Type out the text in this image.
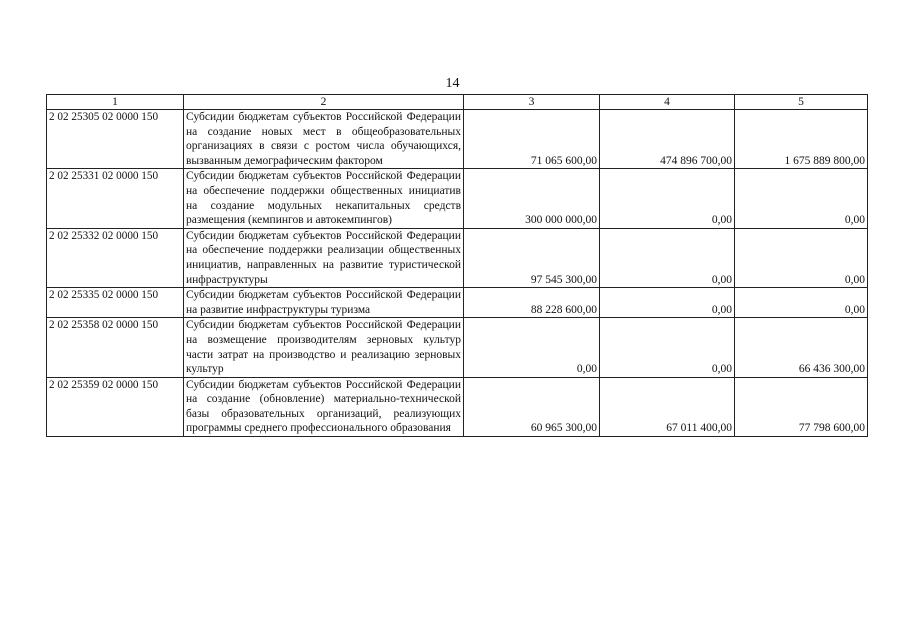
14
1	2	3	4	5
2 02 25305 02 0000 150	Субсидии бюджетам субъектов Российской Федерации на создание новых мест в общеобразовательных организациях в связи с ростом числа обучающихся, вызванным демографическим фактором	71 065 600,00	474 896 700,00	1 675 889 800,00
2 02 25331 02 0000 150	Субсидии бюджетам субъектов Российской Федерации на обеспечение поддержки общественных инициатив на создание модульных некапитальных средств размещения (кемпингов и автокемпингов)	300 000 000,00	0,00	0,00
2 02 25332 02 0000 150	Субсидии бюджетам субъектов Российской Федерации на обеспечение поддержки реализации общественных инициатив, направленных на развитие туристической инфраструктуры	97 545 300,00	0,00	0,00
2 02 25335 02 0000 150	Субсидии бюджетам субъектов Российской Федерации на развитие инфраструктуры туризма	88 228 600,00	0,00	0,00
2 02 25358 02 0000 150	Субсидии бюджетам субъектов Российской Федерации на возмещение производителям зерновых культур части затрат на производство и реализацию зерновых культур	0,00	0,00	66 436 300,00
2 02 25359 02 0000 150	Субсидии бюджетам субъектов Российской Федерации на создание (обновление) материально-технической базы образовательных организаций, реализующих программы среднего профессионального образования	60 965 300,00	67 011 400,00	77 798 600,00
